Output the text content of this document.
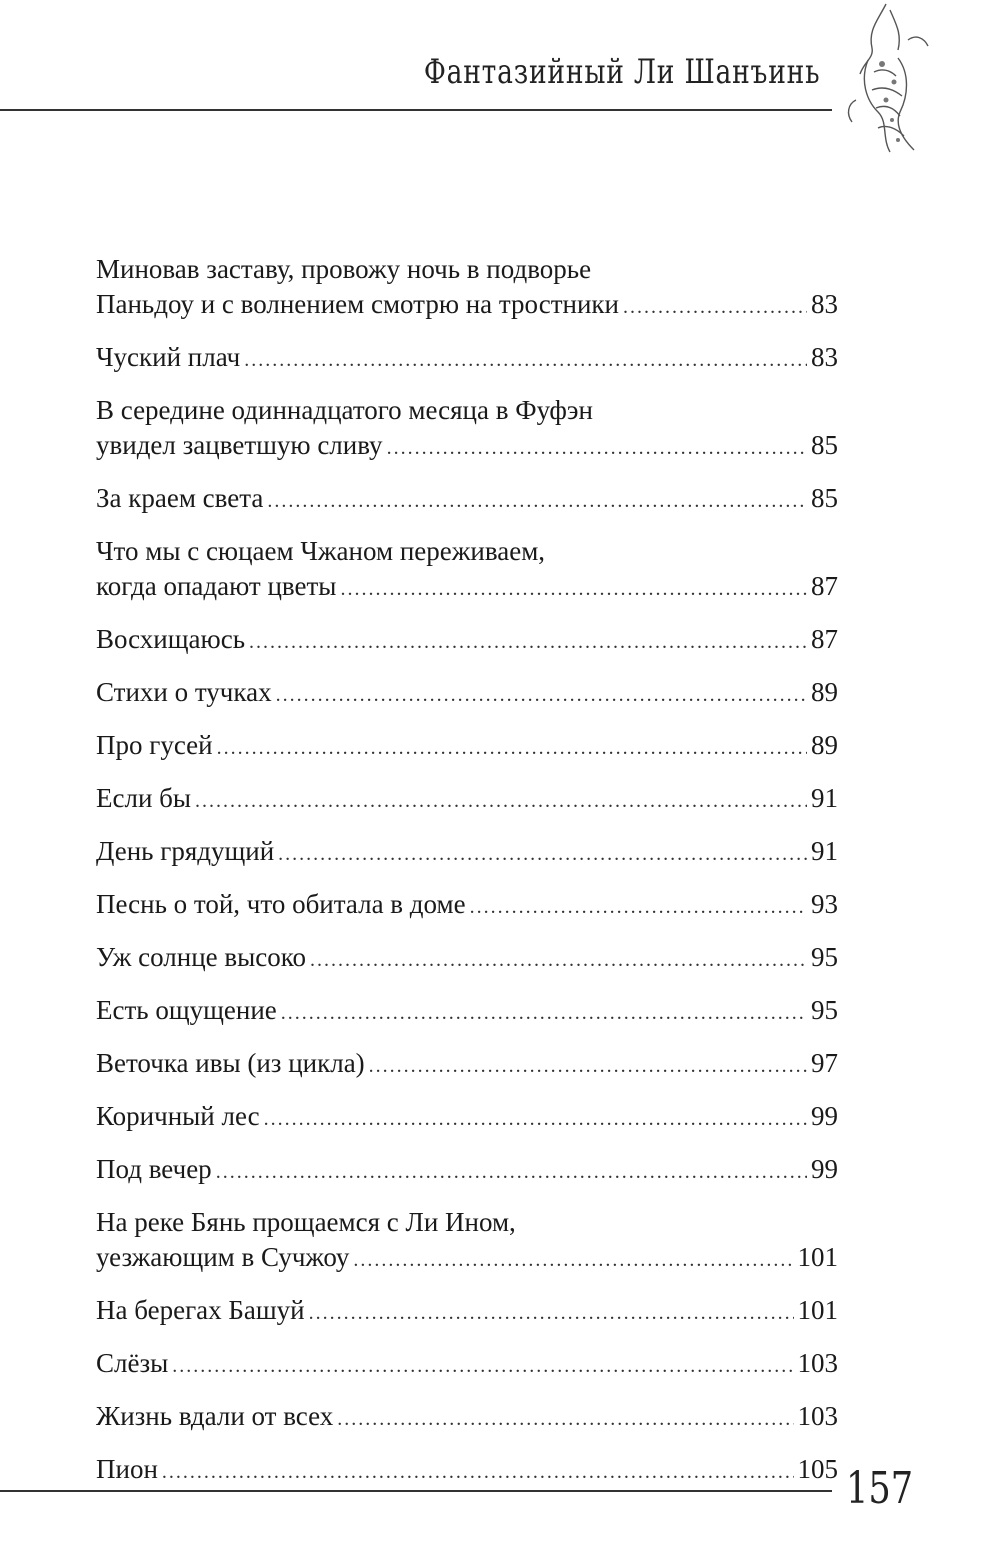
Фантазийный Ли Шанъинь
Миновав заставу, провожу ночь в подворье
Паньдоу и с волнением смотрю на тростники .....	83
Чуский плач .....	83
В середине одиннадцатого месяца в Фуфэн
увидел зацветшую сливу .....	85
За краем света .....	85
Что мы с сюцаем Чжаном переживаем,
когда опадают цветы .....	87
Восхищаюсь .....	87
Стихи о тучках .....	89
Про гусей .....	89
Если бы .....	91
День грядущий .....	91
Песнь о той, что обитала в доме .....	93
Уж солнце высоко .....	95
Есть ощущение .....	95
Веточка ивы (из цикла) .....	97
Коричный лес .....	99
Под вечер .....	99
На реке Бянь прощаемся с Ли Ином,
уезжающим в Сучжоу .....	101
На берегах Башуй .....	101
Слёзы .....	103
Жизнь вдали от всех .....	103
Пион .....	105 157
